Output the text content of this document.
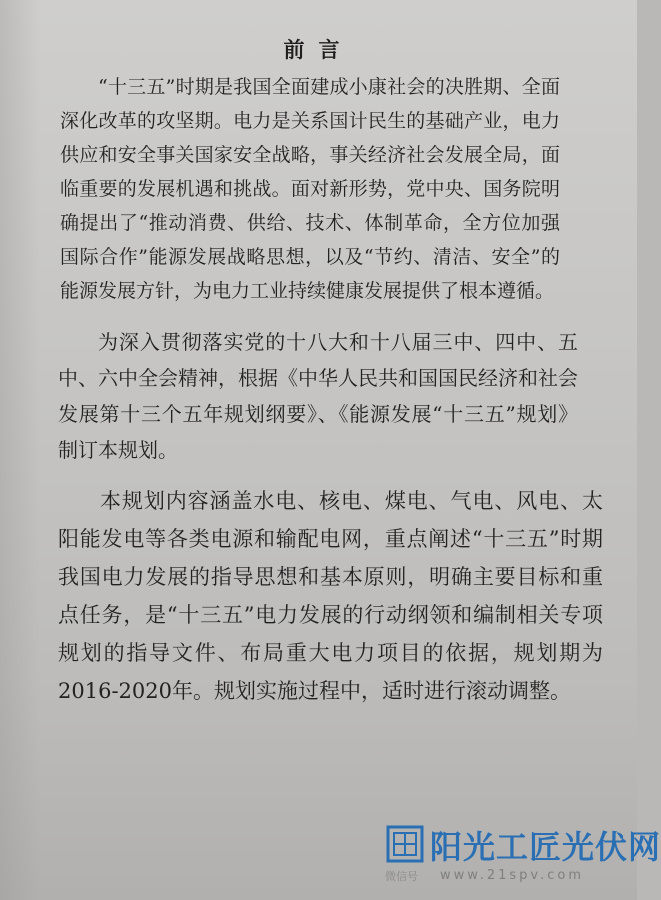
前言

“十三五”时期是我国全面建成小康社会的决胜期、全面深化改革的攻坚期。电力是关系国计民生的基础产业，电力供应和安全事关国家安全战略，事关经济社会发展全局，面临重要的发展机遇和挑战。面对新形势，党中央、国务院明确提出了“推动消费、供给、技术、体制革命，全方位加强国际合作”能源发展战略思想，以及“节约、清洁、安全”的能源发展方针，为电力工业持续健康发展提供了根本遵循。

为深入贯彻落实党的十八大和十八届三中、四中、五中、六中全会精神，根据《中华人民共和国国民经济和社会发展第十三个五年规划纲要》、《能源发展“十三五”规划》制订本规划。

本规划内容涵盖水电、核电、煤电、气电、风电、太阳能发电等各类电源和输配电网，重点阐述“十三五”时期我国电力发展的指导思想和基本原则，明确主要目标和重点任务，是“十三五”电力发展的行动纲领和编制相关专项规划的指导文件、布局重大电力项目的依据，规划期为2016-2020年。规划实施过程中，适时进行滚动调整。

阳光工匠光伏网
微信号 www.21spv.com
